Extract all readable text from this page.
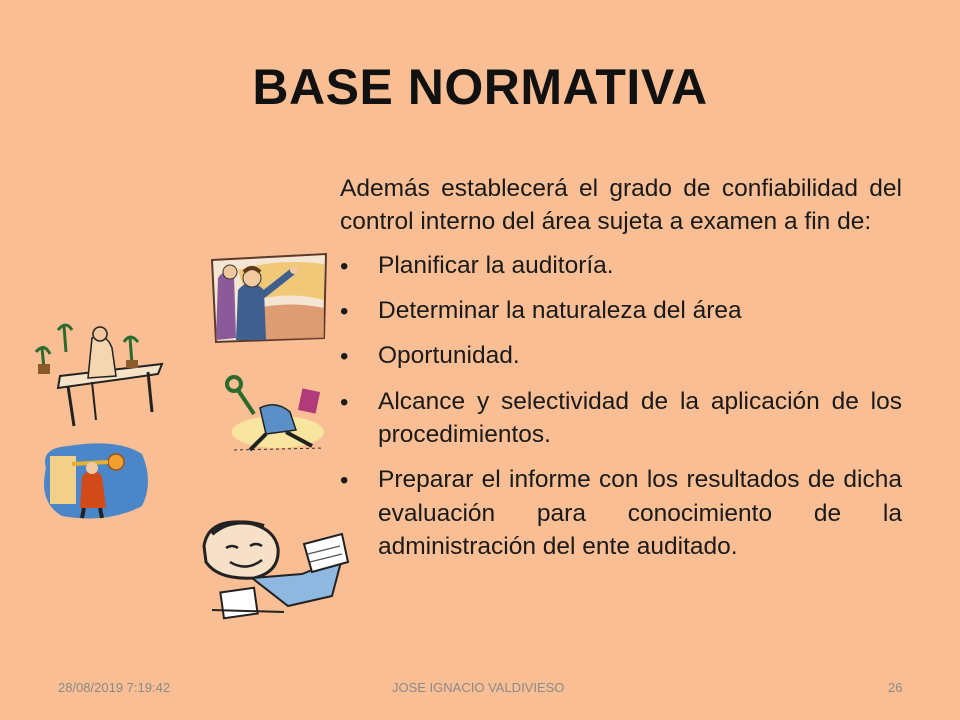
BASE NORMATIVA

Además establecerá el grado de confiabilidad del control interno del área sujeta a examen a fin de:

• Planificar la auditoría.
• Determinar la naturaleza del área
• Oportunidad.
• Alcance y selectividad de la aplicación de los procedimientos.
• Preparar el informe con los resultados de dicha evaluación para conocimiento de la administración del ente auditado.
28/08/2019 7:19:42	JOSE IGNACIO VALDIVIESO	26
